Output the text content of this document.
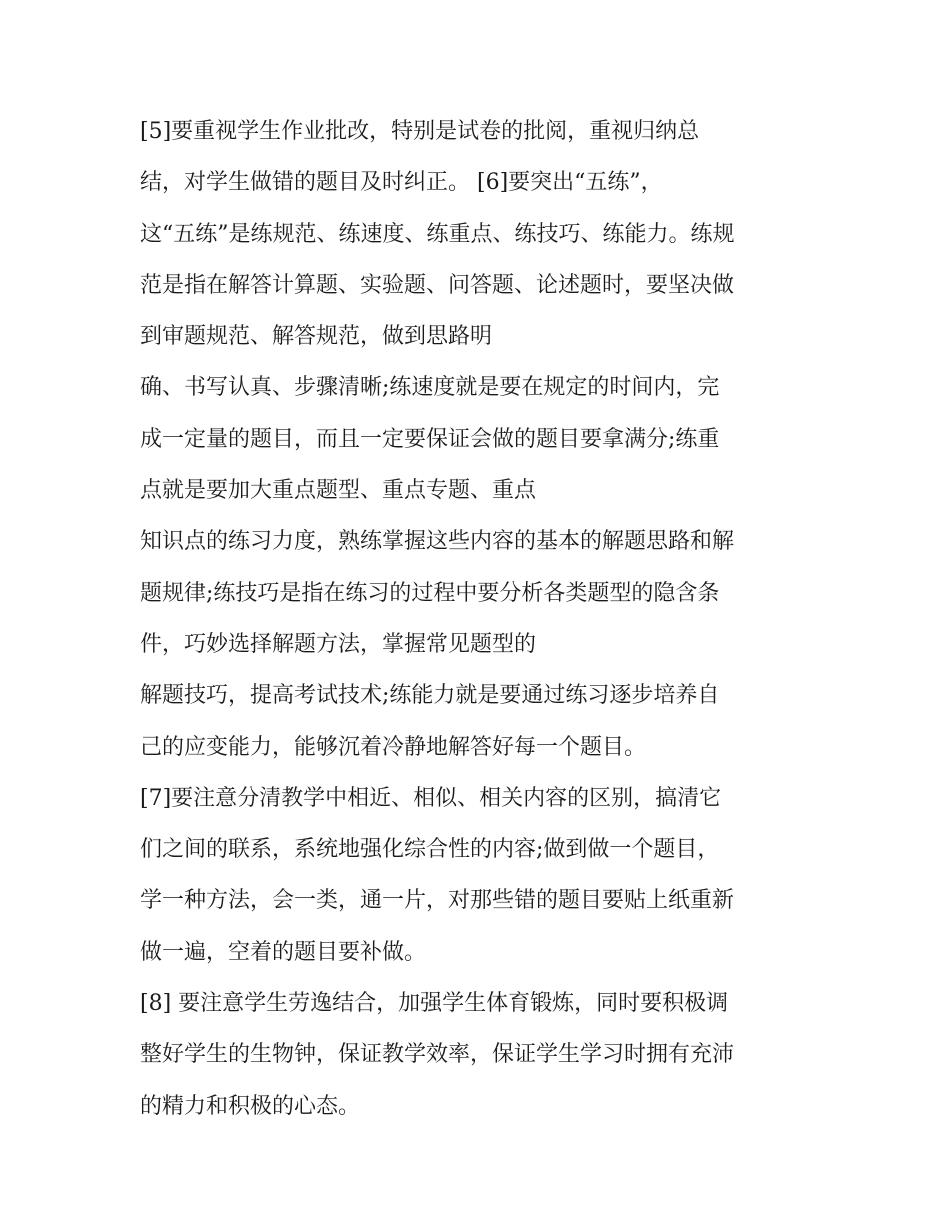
[5]要重视学生作业批改，特别是试卷的批阅，重视归纳总
结，对学生做错的题目及时纠正。 [6]要突出“五练”，
这“五练”是练规范、练速度、练重点、练技巧、练能力。练规
范是指在解答计算题、实验题、问答题、论述题时，要坚决做
到审题规范、解答规范，做到思路明
确、书写认真、步骤清晰;练速度就是要在规定的时间内，完
成一定量的题目，而且一定要保证会做的题目要拿满分;练重
点就是要加大重点题型、重点专题、重点
知识点的练习力度，熟练掌握这些内容的基本的解题思路和解
题规律;练技巧是指在练习的过程中要分析各类题型的隐含条
件，巧妙选择解题方法，掌握常见题型的
解题技巧，提高考试技术;练能力就是要通过练习逐步培养自
己的应变能力，能够沉着冷静地解答好每一个题目。
[7]要注意分清教学中相近、相似、相关内容的区别，搞清它
们之间的联系，系统地强化综合性的内容;做到做一个题目，
学一种方法，会一类，通一片，对那些错的题目要贴上纸重新
做一遍，空着的题目要补做。
[8] 要注意学生劳逸结合，加强学生体育锻炼，同时要积极调
整好学生的生物钟，保证教学效率，保证学生学习时拥有充沛
的精力和积极的心态。
